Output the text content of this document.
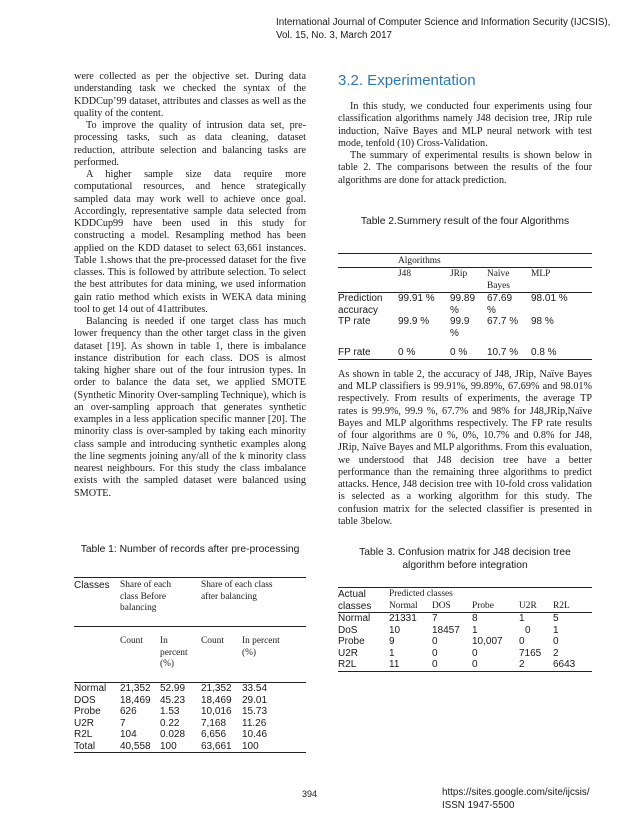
International Journal of Computer Science and Information Security (IJCSIS),
Vol. 15, No. 3, March 2017

were collected as per the objective set. During data understanding task we checked the syntax of the KDDCup’99 dataset, attributes and classes as well as the quality of the content.

To improve the quality of intrusion data set, pre-processing tasks, such as data cleaning, dataset reduction, attribute selection and balancing tasks are performed.

A higher sample size data require more computational resources, and hence strategically sampled data may work well to achieve once goal. Accordingly, representative sample data selected from KDDCup99 have been used in this study for constructing a model. Resampling method has been applied on the KDD dataset to select 63,661 instances. Table 1.shows that the pre-processed dataset for the five classes. This is followed by attribute selection. To select the best attributes for data mining, we used information gain ratio method which exists in WEKA data mining tool to get 14 out of 41attributes.

Balancing is needed if one target class has much lower frequency than the other target class in the given dataset [19]. As shown in table 1, there is imbalance instance distribution for each class. DOS is almost taking higher share out of the four intrusion types. In order to balance the data set, we applied SMOTE (Synthetic Minority Over-sampling Technique), which is an over-sampling approach that generates synthetic examples in a less application specific manner [20]. The minority class is over-sampled by taking each minority class sample and introducing synthetic examples along the line segments joining any/all of the k minority class nearest neighbours. For this study the class imbalance exists with the sampled dataset were balanced using SMOTE.

Table 1: Number of records after pre-processing
Classes	Share of each class Before balancing		Share of each class after balancing	

	Count	In percent (%)	Count	In percent (%)

Normal	21,352	52.99	21,352	33.54
DOS	18,469	45.23	18,469	29.01
Probe	626	1.53	10,016	15.73
U2R	7	0.22	7,168	11.26
R2L	104	0.028	6,656	10.46
Total	40,558	100	63,661	100
3.2. Experimentation

In this study, we conducted four experiments using four classification algorithms namely J48 decision tree, JRip rule induction, Naïve Bayes and MLP neural network with test mode, tenfold (10) Cross-Validation.

The summary of experimental results is shown below in table 2. The comparisons between the results of the four algorithms are done for attack prediction.

Table 2.Summery result of the four Algorithms
	Algorithms			
	J48	JRip	Naïve Bayes	MLP
Prediction accuracy	99.91 %	99.89 %	67.69 %	98.01 %
TP rate	99.9 %	99.9 %	67.7 %	98 %

FP rate	0 %	0 %	10.7 %	0.8 %

As shown in table 2, the accuracy of J48, JRip, Naïve Bayes and MLP classifiers is 99.91%, 99.89%, 67.69% and 98.01% respectively. From results of experiments, the average TP rates is 99.9%, 99.9 %, 67.7% and 98% for J48,JRip,Naïve Bayes and MLP algorithms respectively. The FP rate results of four algorithms are 0 %, 0%, 10.7% and 0.8% for J48, JRip, Naïve Bayes and MLP algorithms. From this evaluation, we understood that J48 decision tree have a better performance than the remaining three algorithms to predict attacks. Hence, J48 decision tree with 10-fold cross validation is selected as a working algorithm for this study. The confusion matrix for the selected classifier is presented in table 3below.

Table 3. Confusion matrix for J48 decision tree algorithm before integration
Actual classes	Predicted classes				
	Normal	DOS	Probe	U2R	R2L
Normal	21331	7	8	1	5
DoS	10	18457	1	0	1
Probe	9	0	10,007	0	0
U2R	1	0	0	7165	2
R2L	11	0	0	2	6643
394	https://sites.google.com/site/ijcsis/
ISSN 1947-5500
